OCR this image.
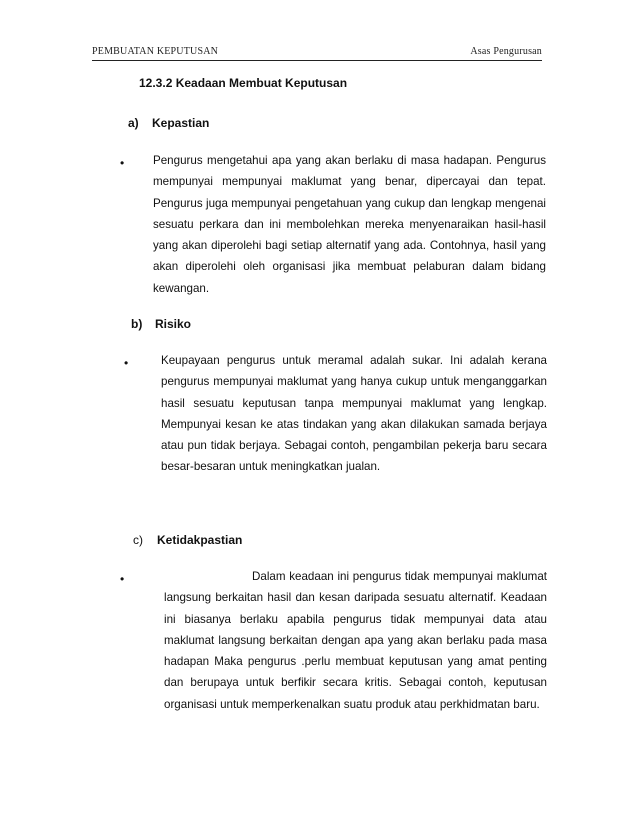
PEMBUATAN KEPUTUSAN	Asas Pengurusan
12.3.2 Keadaan Membuat Keputusan
a) Kepastian
• Pengurus mengetahui apa yang akan berlaku di masa hadapan. Pengurus mempunyai mempunyai maklumat yang benar, dipercayai dan tepat. Pengurus juga mempunyai pengetahuan yang cukup dan lengkap mengenai sesuatu perkara dan ini membolehkan mereka menyenaraikan hasil-hasil yang akan diperolehi bagi setiap alternatif yang ada. Contohnya, hasil yang akan diperolehi oleh organisasi jika membuat pelaburan dalam bidang kewangan.
b) Risiko
•	Keupayaan pengurus untuk meramal adalah sukar. Ini adalah kerana pengurus mempunyai maklumat yang hanya cukup untuk menganggarkan hasil sesuatu keputusan tanpa mempunyai maklumat yang lengkap. Mempunyai kesan ke atas tindakan yang akan dilakukan samada berjaya atau pun tidak berjaya. Sebagai contoh, pengambilan pekerja baru secara besar-besaran untuk meningkatkan jualan.
c) Ketidakpastian
•	Dalam keadaan ini pengurus tidak mempunyai maklumat langsung berkaitan hasil dan kesan daripada sesuatu alternatif. Keadaan ini biasanya berlaku apabila pengurus tidak mempunyai data atau maklumat langsung berkaitan dengan apa yang akan berlaku pada masa hadapan Maka pengurus .perlu membuat keputusan yang amat penting dan berupaya untuk berfikir secara kritis. Sebagai contoh, keputusan organisasi untuk memperkenalkan suatu produk atau perkhidmatan baru.
